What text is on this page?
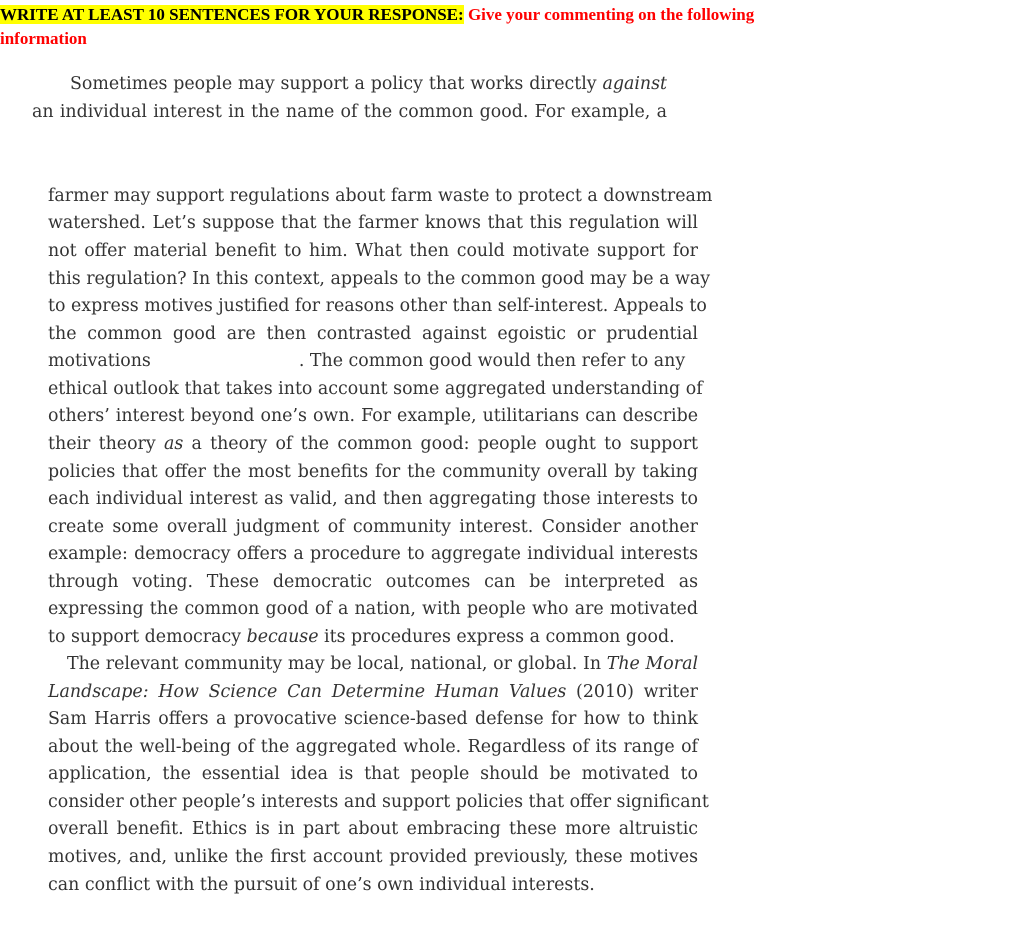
WRITE AT LEAST 10 SENTENCES FOR YOUR RESPONSE: Give your commenting on the following information
Sometimes people may support a policy that works directly against
an individual interest in the name of the common good. For example, a
farmer may support regulations about farm waste to protect a downstream
watershed. Let’s suppose that the farmer knows that this regulation will
not offer material benefit to him. What then could motivate support for
this regulation? In this context, appeals to the common good may be a way
to express motives justified for reasons other than self-interest. Appeals to
the common good are then contrasted against egoistic or prudential
motivations	. The common good would then refer to any
ethical outlook that takes into account some aggregated understanding of
others’ interest beyond one’s own. For example, utilitarians can describe
their theory as a theory of the common good: people ought to support
policies that offer the most benefits for the community overall by taking
each individual interest as valid, and then aggregating those interests to
create some overall judgment of community interest. Consider another
example: democracy offers a procedure to aggregate individual interests
through voting. These democratic outcomes can be interpreted as
expressing the common good of a nation, with people who are motivated
to support democracy because its procedures express a common good.
The relevant community may be local, national, or global. In The Moral
Landscape: How Science Can Determine Human Values (2010) writer
Sam Harris offers a provocative science-based defense for how to think
about the well-being of the aggregated whole. Regardless of its range of
application, the essential idea is that people should be motivated to
consider other people’s interests and support policies that offer significant
overall benefit. Ethics is in part about embracing these more altruistic
motives, and, unlike the first account provided previously, these motives
can conflict with the pursuit of one’s own individual interests.
